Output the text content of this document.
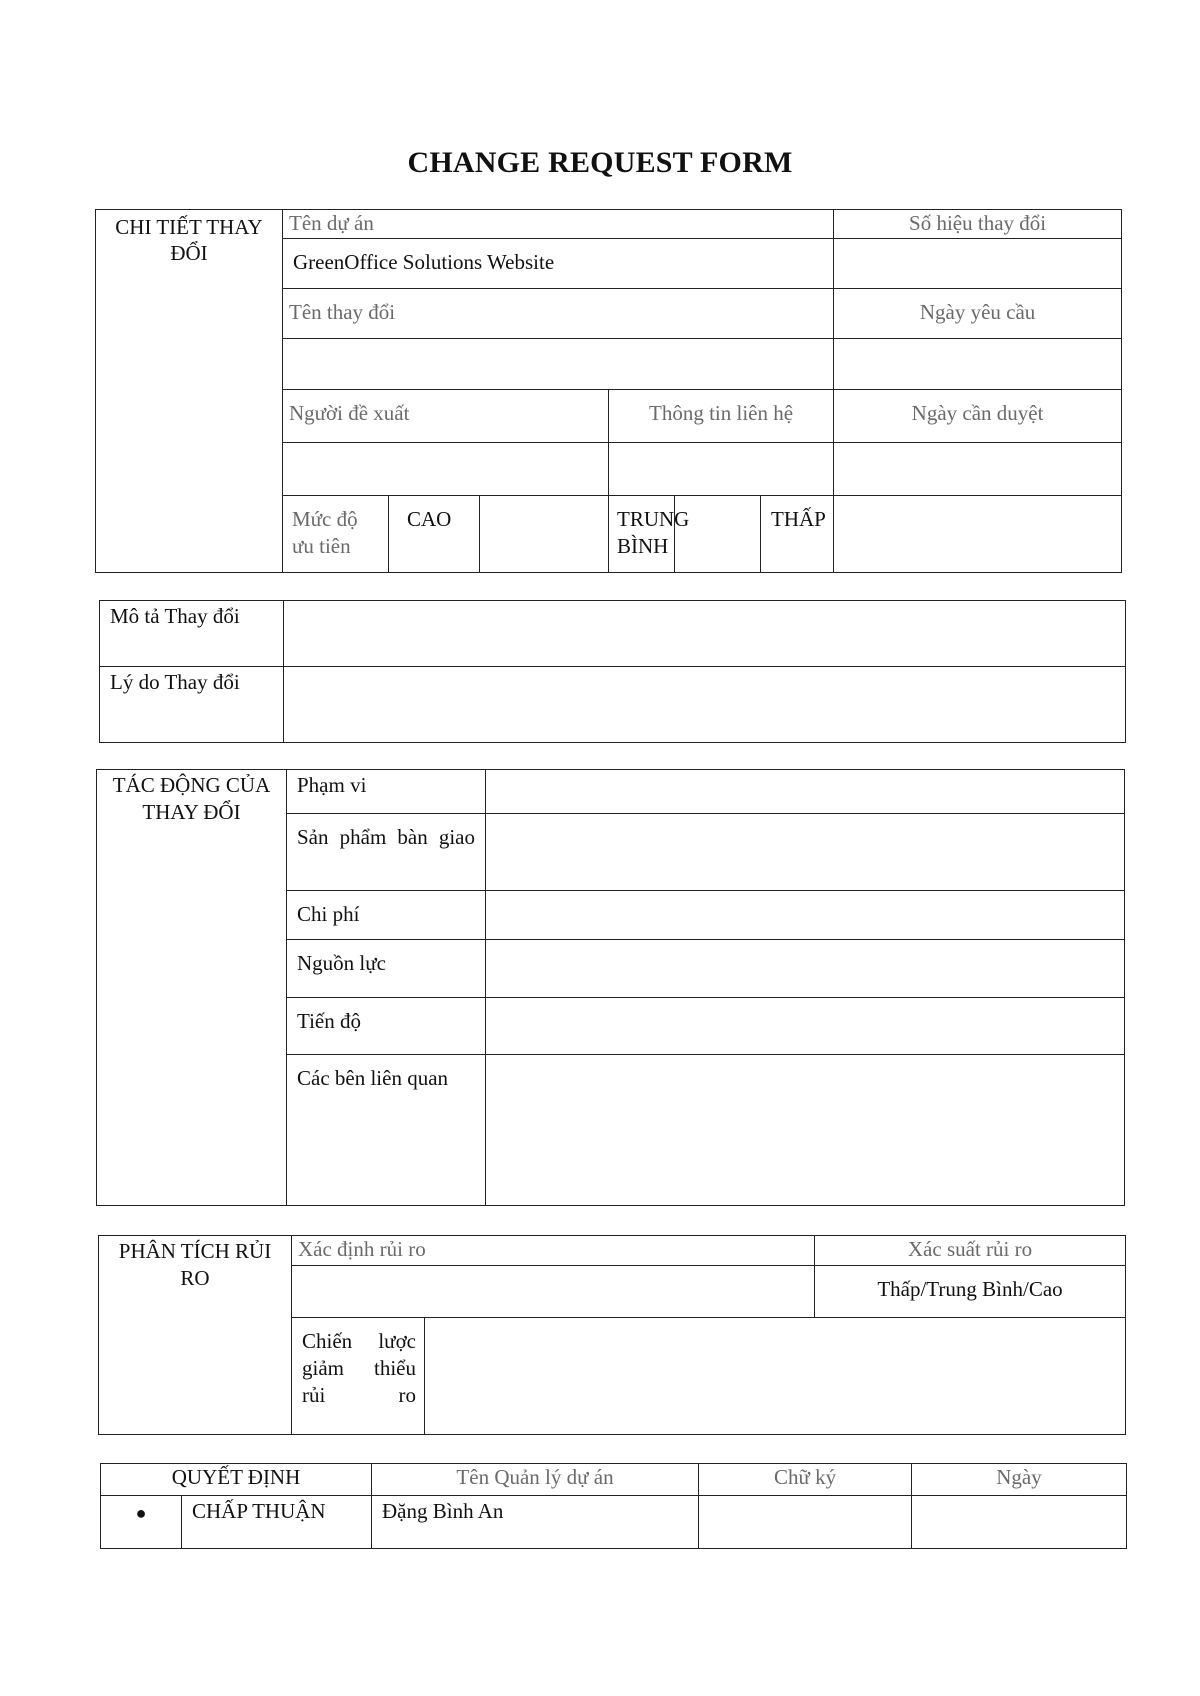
CHANGE REQUEST FORM
CHI TIẾT THAY ĐỔI	Tên dự án						Số hiệu thay đổi
	GreenOffice Solutions Website						
	Tên thay đổi						Ngày yêu cầu

	Người đề xuất			Thông tin liên hệ			Ngày cần duyệt

	Mức độ ưu tiên	CAO		TRUNG BÌNH		THẤP	
Mô tả Thay đổi	
Lý do Thay đổi	
TÁC ĐỘNG CỦA THAY ĐỔI	Phạm vi	
	Sản phẩm bàn giao	
	Chi phí	
	Nguồn lực	
	Tiến độ	
	Các bên liên quan	
PHÂN TÍCH RỦI RO	Xác định rủi ro		Xác suất rủi ro
			Thấp/Trung Bình/Cao
	Chiến lược giảm thiểu rủi ro		
QUYẾT ĐỊNH		Tên Quản lý dự án	Chữ ký	Ngày
●	CHẤP THUẬN	Đặng Bình An		
